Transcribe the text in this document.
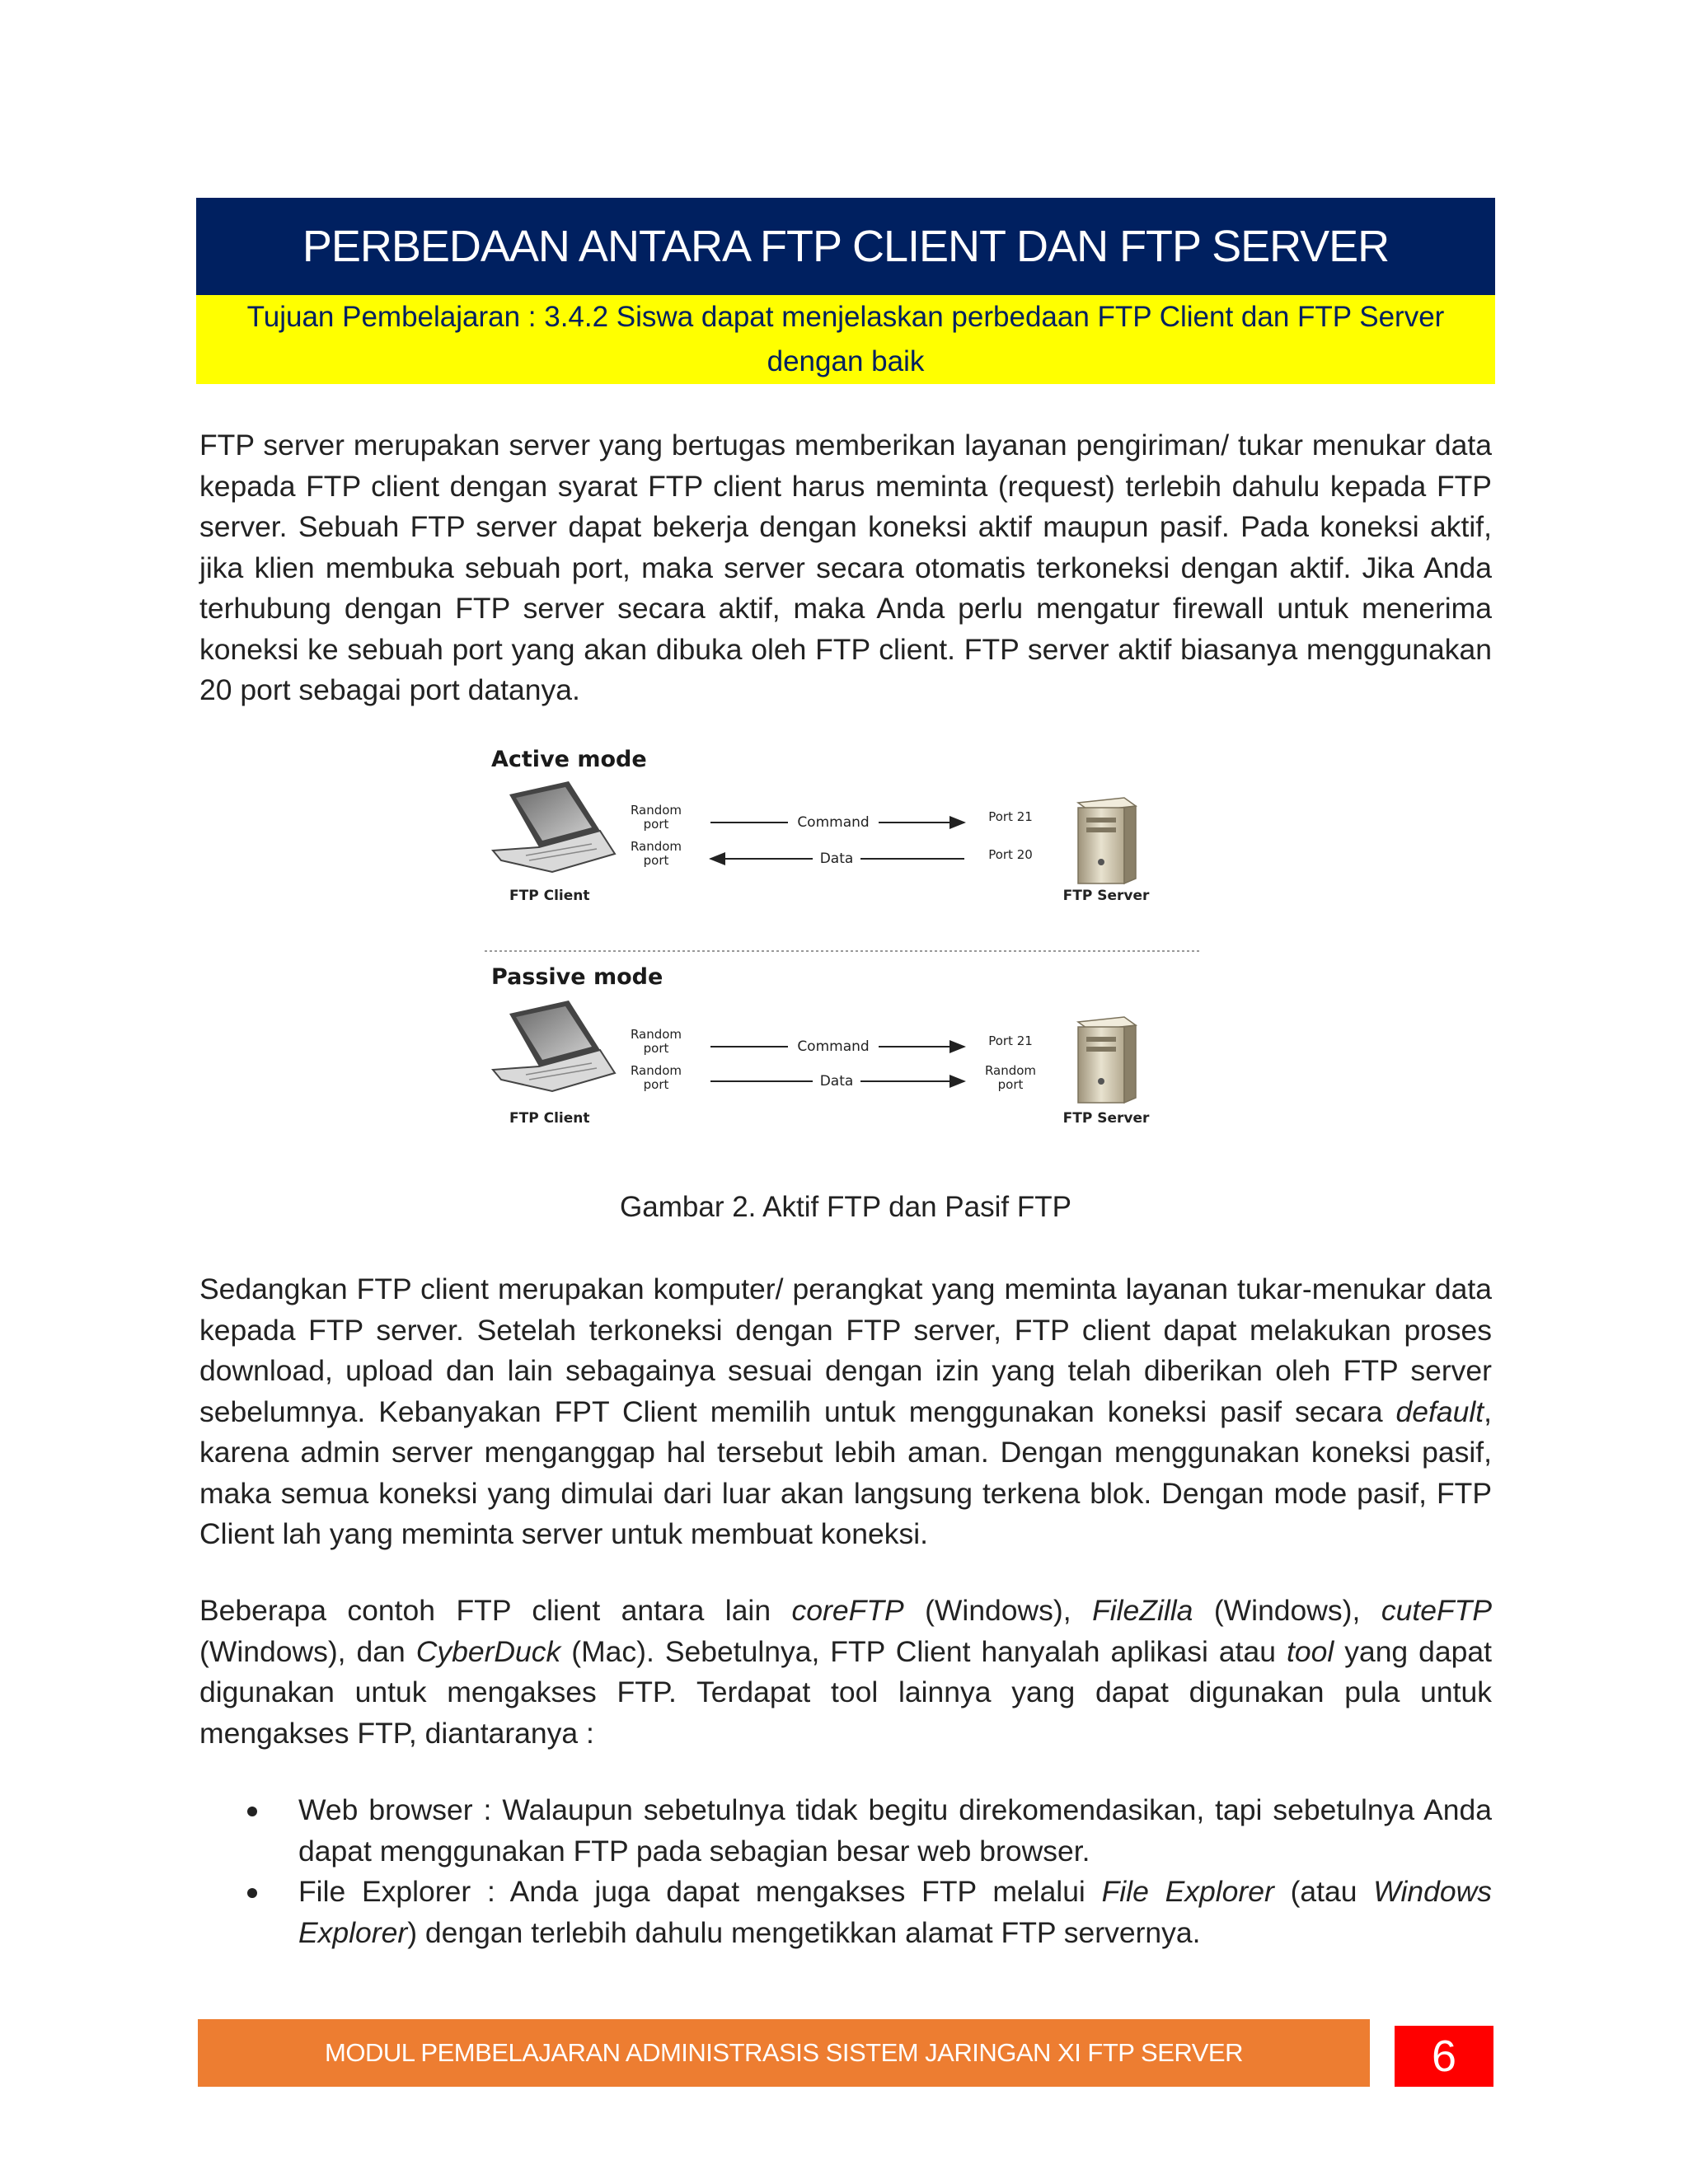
PERBEDAAN ANTARA FTP CLIENT DAN FTP SERVER
Tujuan Pembelajaran : 3.4.2 Siswa dapat menjelaskan perbedaan FTP Client dan FTP Server dengan baik
FTP server merupakan server yang bertugas memberikan layanan pengiriman/ tukar menukar data kepada FTP client dengan syarat FTP client harus meminta (request) terlebih dahulu kepada FTP server. Sebuah FTP server dapat bekerja dengan koneksi aktif maupun pasif. Pada koneksi aktif, jika klien membuka sebuah port, maka server secara otomatis terkoneksi dengan aktif. Jika Anda terhubung dengan FTP server secara aktif, maka Anda perlu mengatur firewall untuk menerima koneksi ke sebuah port yang akan dibuka oleh FTP client. FTP server aktif biasanya menggunakan 20 port sebagai port datanya.
Active mode
FTP Client
Random port
Random port
Command
Data
Port 21
Port 20
FTP Server
Passive mode
FTP Client
Random port
Random port
Command
Data
Port 21
Random port
FTP Server
Gambar 2. Aktif FTP dan Pasif FTP
Sedangkan FTP client merupakan komputer/ perangkat yang meminta layanan tukar-menukar data kepada FTP server. Setelah terkoneksi dengan FTP server, FTP client dapat melakukan proses download, upload dan lain sebagainya sesuai dengan izin yang telah diberikan oleh FTP server sebelumnya. Kebanyakan FPT Client memilih untuk menggunakan koneksi pasif secara default, karena admin server menganggap hal tersebut lebih aman. Dengan menggunakan koneksi pasif, maka semua koneksi yang dimulai dari luar akan langsung terkena blok. Dengan mode pasif, FTP Client lah yang meminta server untuk membuat koneksi.
Beberapa contoh FTP client antara lain coreFTP (Windows), FileZilla (Windows), cuteFTP (Windows), dan CyberDuck (Mac). Sebetulnya, FTP Client hanyalah aplikasi atau tool yang dapat digunakan untuk mengakses FTP. Terdapat tool lainnya yang dapat digunakan pula untuk mengakses FTP, diantaranya :
Web browser : Walaupun sebetulnya tidak begitu direkomendasikan, tapi sebetulnya Anda dapat menggunakan FTP pada sebagian besar web browser.
File Explorer : Anda juga dapat mengakses FTP melalui File Explorer (atau Windows Explorer) dengan terlebih dahulu mengetikkan alamat FTP servernya.
MODUL PEMBELAJARAN ADMINISTRASIS SISTEM JARINGAN XI FTP SERVER	6
